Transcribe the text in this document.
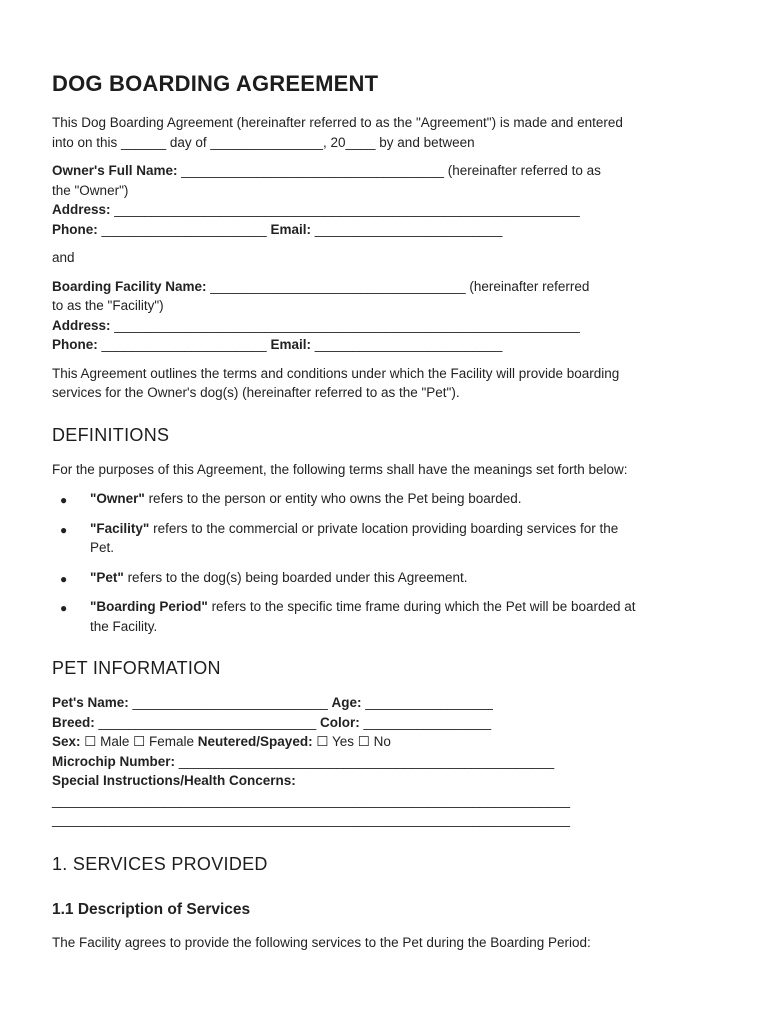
DOG BOARDING AGREEMENT
This Dog Boarding Agreement (hereinafter referred to as the "Agreement") is made and entered
into on this ______ day of _______________, 20____ by and between
Owner's Full Name: ___________________________________ (hereinafter referred to as
the "Owner")
Address: ______________________________________________________________
Phone: ______________________ Email: _________________________
and
Boarding Facility Name: __________________________________ (hereinafter referred
to as the "Facility")
Address: ______________________________________________________________
Phone: ______________________ Email: _________________________
This Agreement outlines the terms and conditions under which the Facility will provide boarding
services for the Owner's dog(s) (hereinafter referred to as the "Pet").
DEFINITIONS
For the purposes of this Agreement, the following terms shall have the meanings set forth below:
● "Owner" refers to the person or entity who owns the Pet being boarded.
● "Facility" refers to the commercial or private location providing boarding services for the
Pet.
● "Pet" refers to the dog(s) being boarded under this Agreement.
● "Boarding Period" refers to the specific time frame during which the Pet will be boarded at
the Facility.
PET INFORMATION
Pet's Name: __________________________ Age: _________________
Breed: _____________________________ Color: _________________
Sex: ☐ Male ☐ Female Neutered/Spayed: ☐ Yes ☐ No
Microchip Number: __________________________________________________
Special Instructions/Health Concerns:
_____________________________________________________________________
_____________________________________________________________________
1. SERVICES PROVIDED
1.1 Description of Services
The Facility agrees to provide the following services to the Pet during the Boarding Period:
